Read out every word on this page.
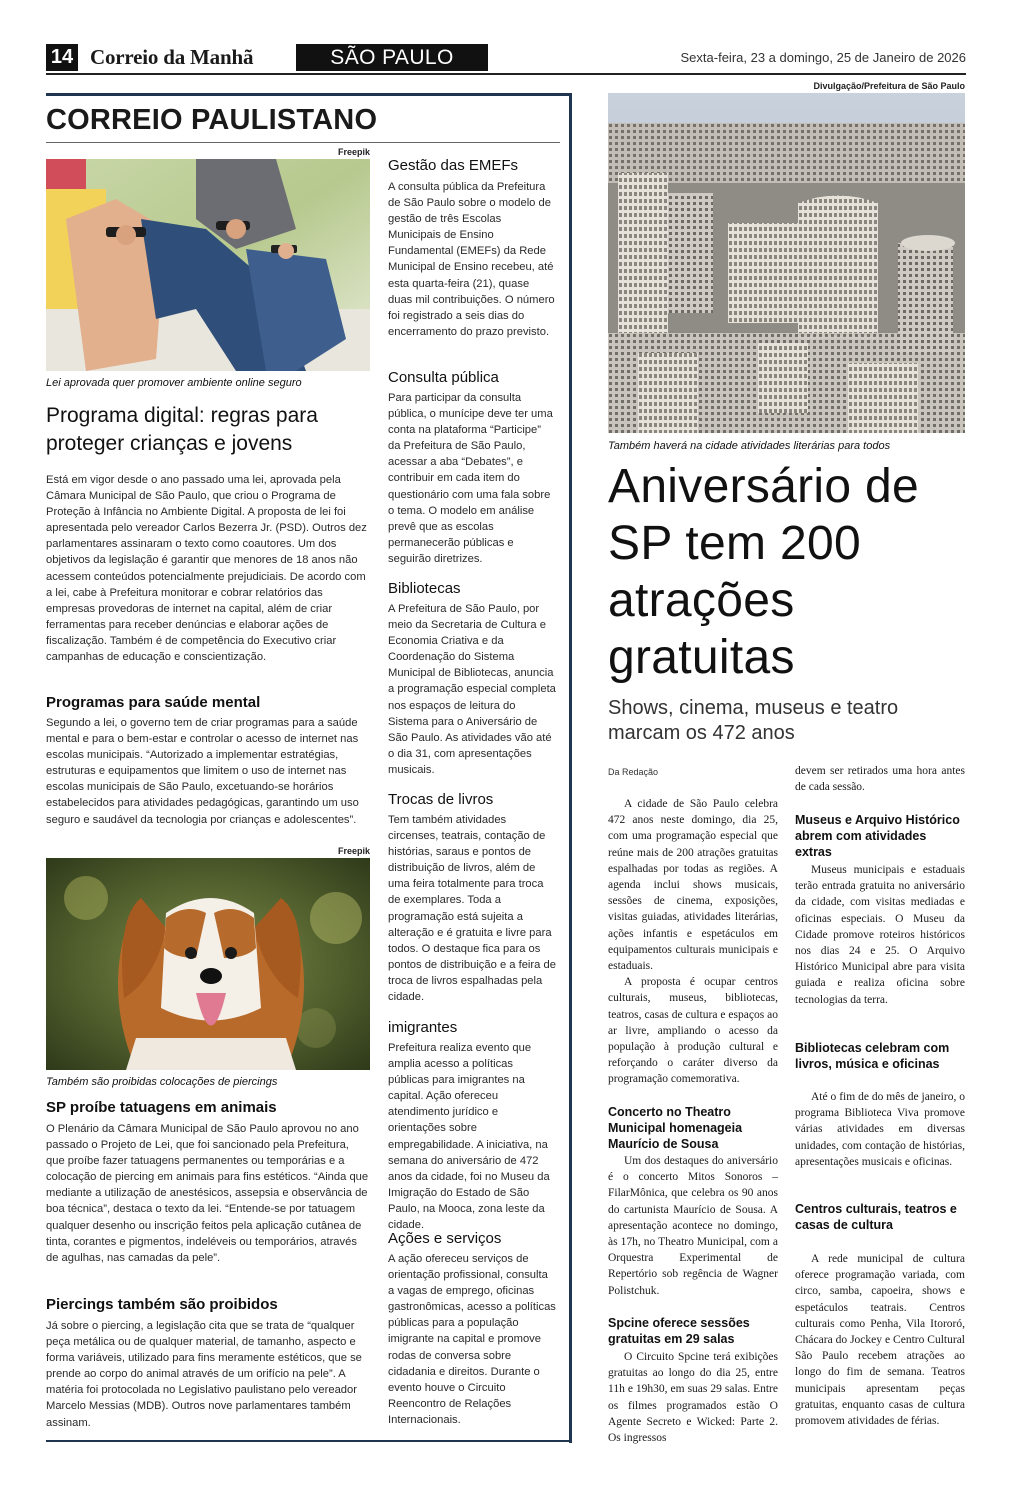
14 Correio da Manhã	SÃO PAULO	Sexta-feira, 23 a domingo, 25 de Janeiro de 2026
CORREIO PAULISTANO
Freepik
Lei aprovada quer promover ambiente online seguro
Programa digital: regras para proteger crianças e jovens

Está em vigor desde o ano passado uma lei, aprovada pela Câmara Municipal de São Paulo, que criou o Programa de Proteção à Infância no Ambiente Digital. A proposta de lei foi apresentada pelo vereador Carlos Bezerra Jr. (PSD). Outros dez parlamentares assinaram o texto como coautores. Um dos objetivos da legislação é garantir que menores de 18 anos não acessem conteúdos potencialmente prejudiciais. De acordo com a lei, cabe à Prefeitura monitorar e cobrar relatórios das empresas provedoras de internet na capital, além de criar ferramentas para receber denúncias e elaborar ações de fiscalização. Também é de competência do Executivo criar campanhas de educação e conscientização.

Programas para saúde mental

Segundo a lei, o governo tem de criar programas para a saúde mental e para o bem-estar e controlar o acesso de internet nas escolas municipais. “Autorizado a implementar estratégias, estruturas e equipamentos que limitem o uso de internet nas escolas municipais de São Paulo, excetuando-se horários estabelecidos para atividades pedagógicas, garantindo um uso seguro e saudável da tecnologia por crianças e adolescentes”.

Freepik
Também são proibidas colocações de piercings
SP proíbe tatuagens em animais

O Plenário da Câmara Municipal de São Paulo aprovou no ano passado o Projeto de Lei, que foi sancionado pela Prefeitura, que proíbe fazer tatuagens permanentes ou temporárias e a colocação de piercing em animais para fins estéticos. “Ainda que mediante a utilização de anestésicos, assepsia e observância de boa técnica”, destaca o texto da lei. “Entende-se por tatuagem qualquer desenho ou inscrição feitos pela aplicação cutânea de tinta, corantes e pigmentos, indeléveis ou temporários, através de agulhas, nas camadas da pele”.

Piercings também são proibidos

Já sobre o piercing, a legislação cita que se trata de “qualquer peça metálica ou de qualquer material, de tamanho, aspecto e forma variáveis, utilizado para fins meramente estéticos, que se prende ao corpo do animal através de um orifício na pele”. A matéria foi protocolada no Legislativo paulistano pelo vereador Marcelo Messias (MDB). Outros nove parlamentares também assinam.

Gestão das EMEFs

A consulta pública da Prefeitura de São Paulo sobre o modelo de gestão de três Escolas Municipais de Ensino Fundamental (EMEFs) da Rede Municipal de Ensino recebeu, até esta quarta-feira (21), quase duas mil contribuições. O número foi registrado a seis dias do encerramento do prazo previsto.

Consulta pública

Para participar da consulta pública, o munícipe deve ter uma conta na plataforma “Participe” da Prefeitura de São Paulo, acessar a aba “Debates”, e contribuir em cada item do questionário com uma fala sobre o tema. O modelo em análise prevê que as escolas permanecerão públicas e seguirão diretrizes.

Bibliotecas

A Prefeitura de São Paulo, por meio da Secretaria de Cultura e Economia Criativa e da Coordenação do Sistema Municipal de Bibliotecas, anuncia a programação especial completa nos espaços de leitura do Sistema para o Aniversário de São Paulo. As atividades vão até o dia 31, com apresentações musicais.

Trocas de livros

Tem também atividades circenses, teatrais, contação de histórias, saraus e pontos de distribuição de livros, além de uma feira totalmente para troca de exemplares. Toda a programação está sujeita a alteração e é gratuita e livre para todos. O destaque fica para os pontos de distribuição e a feira de troca de livros espalhadas pela cidade.

imigrantes

Prefeitura realiza evento que amplia acesso a políticas públicas para imigrantes na capital. Ação ofereceu atendimento jurídico e orientações sobre empregabilidade. A iniciativa, na semana do aniversário de 472 anos da cidade, foi no Museu da Imigração do Estado de São Paulo, na Mooca, zona leste da cidade.

Ações e serviços

A ação ofereceu serviços de orientação profissional, consulta a vagas de emprego, oficinas gastronômicas, acesso a políticas públicas para a população imigrante na capital e promove rodas de conversa sobre cidadania e direitos. Durante o evento houve o Circuito Reencontro de Relações Internacionais.

Divulgação/Prefeitura de São Paulo
Também haverá na cidade atividades literárias para todos
Aniversário de SP tem 200 atrações gratuitas
Shows, cinema, museus e teatro marcam os 472 anos
Da Redação

A cidade de São Paulo celebra 472 anos neste domingo, dia 25, com uma programação especial que reúne mais de 200 atrações gratuitas espalhadas por todas as regiões. A agenda inclui shows musicais, sessões de cinema, exposições, visitas guiadas, atividades literárias, ações infantis e espetáculos em equipamentos culturais municipais e estaduais.

A proposta é ocupar centros culturais, museus, bibliotecas, teatros, casas de cultura e espaços ao ar livre, ampliando o acesso da população à produção cultural e reforçando o caráter diverso da programação comemorativa.

Concerto no Theatro Municipal homenageia Maurício de Sousa

Um dos destaques do aniversário é o concerto Mitos Sonoros – FilarMônica, que celebra os 90 anos do cartunista Maurício de Sousa. A apresentação acontece no domingo, às 17h, no Theatro Municipal, com a Orquestra Experimental de Repertório sob regência de Wagner Polistchuk.

Spcine oferece sessões gratuitas em 29 salas

O Circuito Spcine terá exibições gratuitas ao longo do dia 25, entre 11h e 19h30, em suas 29 salas. Entre os filmes programados estão O Agente Secreto e Wicked: Parte 2. Os ingressos

devem ser retirados uma hora antes de cada sessão.

Museus e Arquivo Histórico abrem com atividades extras

Museus municipais e estaduais terão entrada gratuita no aniversário da cidade, com visitas mediadas e oficinas especiais. O Museu da Cidade promove roteiros históricos nos dias 24 e 25. O Arquivo Histórico Municipal abre para visita guiada e realiza oficina sobre tecnologias da terra.

Bibliotecas celebram com livros, música e oficinas

Até o fim de do mês de janeiro, o programa Biblioteca Viva promove várias atividades em diversas unidades, com contação de histórias, apresentações musicais e oficinas.

Centros culturais, teatros e casas de cultura

A rede municipal de cultura oferece programação variada, com circo, samba, capoeira, shows e espetáculos teatrais. Centros culturais como Penha, Vila Itororó, Chácara do Jockey e Centro Cultural São Paulo recebem atrações ao longo do fim de semana. Teatros municipais apresentam peças gratuitas, enquanto casas de cultura promovem atividades de férias.
